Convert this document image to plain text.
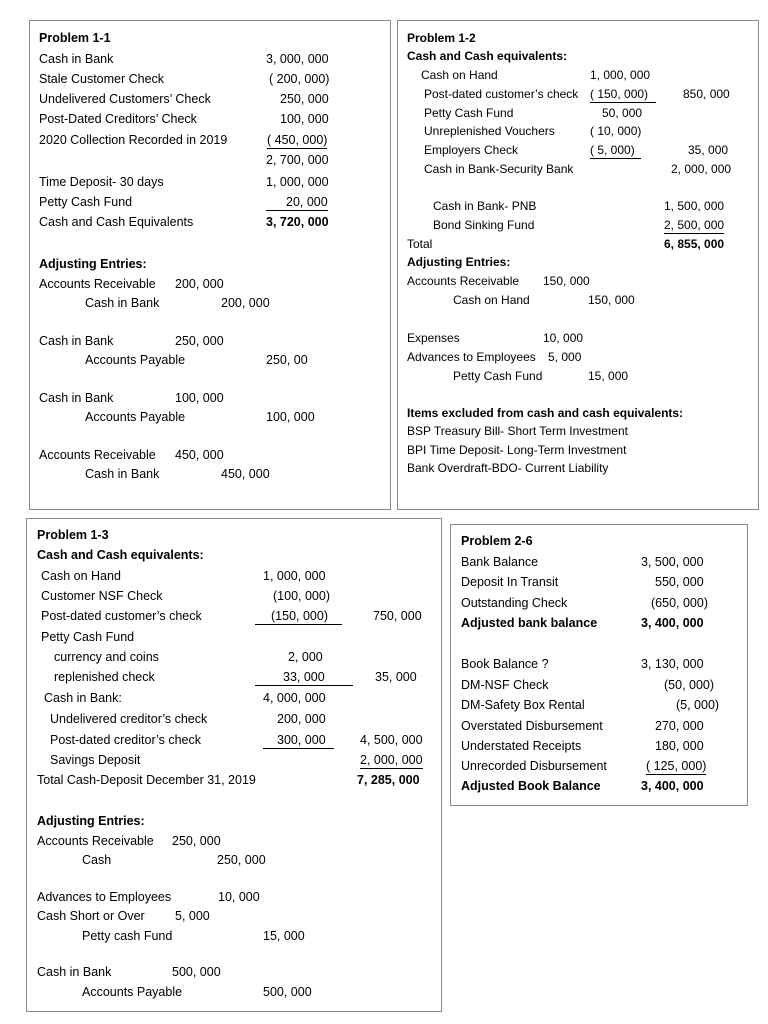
Problem 1-1
Cash in Bank	3, 000, 000
Stale Customer Check	( 200, 000)
Undelivered Customers’ Check	250, 000
Post-Dated Creditors’ Check	100, 000
2020 Collection Recorded in 2019	( 450, 000)
2, 700, 000
Time Deposit- 30 days	1, 000, 000
Petty Cash Fund	20, 000
Cash and Cash Equivalents	3, 720, 000
Adjusting Entries:
Accounts Receivable 200, 000
Cash in Bank	200, 000
Cash in Bank	250, 000
Accounts Payable	250, 00
Cash in Bank	100, 000
Accounts Payable	100, 000
Accounts Receivable 450, 000
Cash in Bank	450, 000
Problem 1-2
Cash and Cash equivalents:
Cash on Hand	1, 000, 000
Post-dated customer’s check ( 150, 000)	850, 000
Petty Cash Fund	50, 000
Unreplenished Vouchers	( 10, 000)
Employers Check	( 5, 000)	35, 000
Cash in Bank-Security Bank	2, 000, 000
Cash in Bank- PNB	1, 500, 000
Bond Sinking Fund	2, 500, 000
Total	6, 855, 000
Adjusting Entries:
Accounts Receivable 150, 000
Cash on Hand	150, 000
Expenses	10, 000
Advances to Employees 5, 000
Petty Cash Fund	15, 000
Items excluded from cash and cash equivalents:
BSP Treasury Bill- Short Term Investment
BPI Time Deposit- Long-Term Investment
Bank Overdraft-BDO- Current Liability
Problem 1-3
Cash and Cash equivalents:
Cash on Hand	1, 000, 000
Customer NSF Check	(100, 000)
Post-dated customer’s check	(150, 000)	750, 000
Petty Cash Fund
currency and coins	2, 000
replenished check	33, 000	35, 000
Cash in Bank:	4, 000, 000
Undelivered creditor’s check	200, 000
Post-dated creditor’s check	300, 000	4, 500, 000
Savings Deposit	2, 000, 000
Total Cash-Deposit December 31, 2019	7, 285, 000
Adjusting Entries:
Accounts Receivable 250, 000
Cash	250, 000
Advances to Employees	10, 000
Cash Short or Over 5, 000
Petty cash Fund	15, 000
Cash in Bank	500, 000
Accounts Payable	500, 000
Problem 2-6
Bank Balance	3, 500, 000
Deposit In Transit	550, 000
Outstanding Check	(650, 000)
Adjusted bank balance	3, 400, 000
Book Balance ?	3, 130, 000
DM-NSF Check	(50, 000)
DM-Safety Box Rental	(5, 000)
Overstated Disbursement	270, 000
Understated Receipts	180, 000
Unrecorded Disbursement	( 125, 000)
Adjusted Book Balance	3, 400, 000
